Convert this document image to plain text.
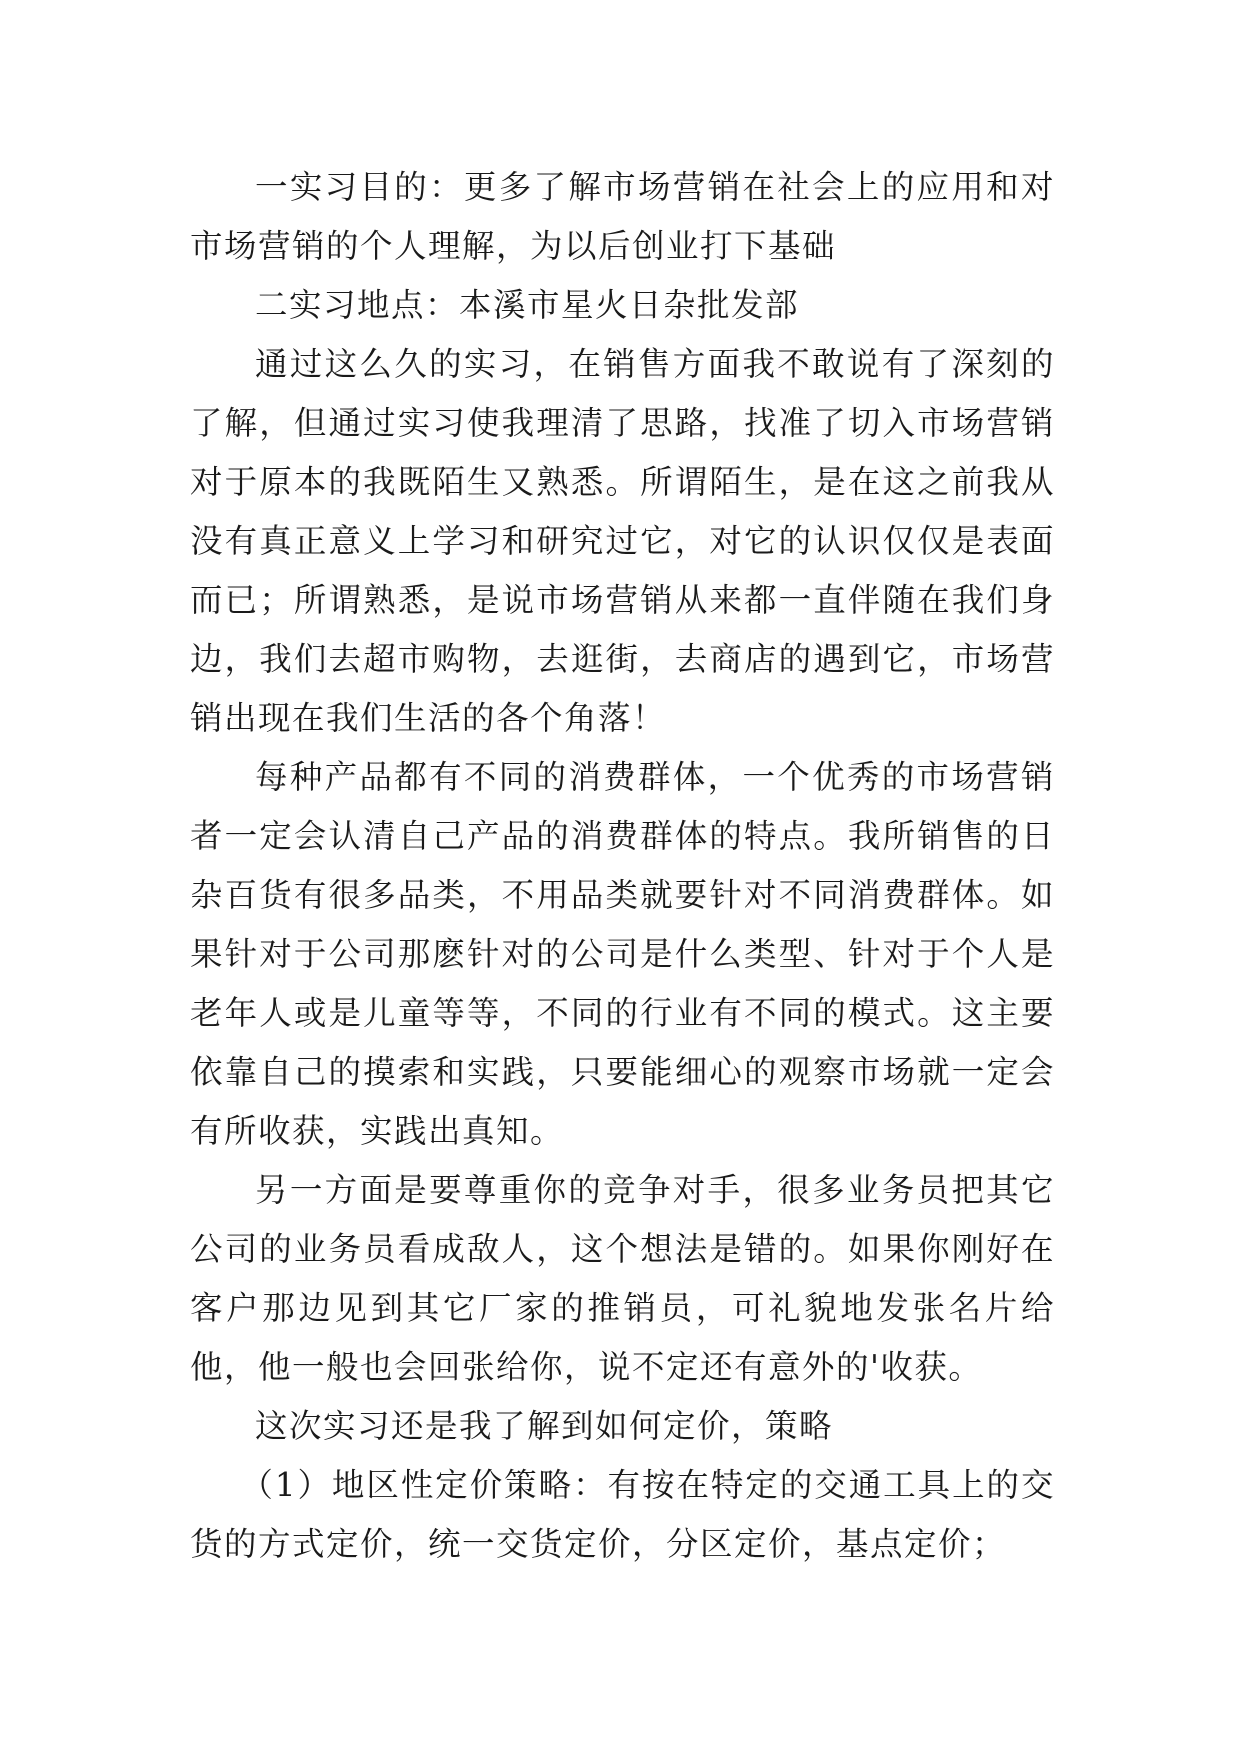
一实习目的：更多了解市场营销在社会上的应用和对市场营销的个人理解，为以后创业打下基础

二实习地点：本溪市星火日杂批发部

通过这么久的实习，在销售方面我不敢说有了深刻的了解，但通过实习使我理清了思路，找准了切入市场营销对于原本的我既陌生又熟悉。所谓陌生，是在这之前我从没有真正意义上学习和研究过它，对它的认识仅仅是表面而已；所谓熟悉，是说市场营销从来都一直伴随在我们身边，我们去超市购物，去逛街，去商店的遇到它，市场营销出现在我们生活的各个角落！

每种产品都有不同的消费群体，一个优秀的市场营销者一定会认清自己产品的消费群体的特点。我所销售的日杂百货有很多品类，不用品类就要针对不同消费群体。如果针对于公司那麽针对的公司是什么类型、针对于个人是老年人或是儿童等等，不同的行业有不同的模式。这主要依靠自己的摸索和实践，只要能细心的观察市场就一定会有所收获，实践出真知。

另一方面是要尊重你的竞争对手，很多业务员把其它公司的业务员看成敌人，这个想法是错的。如果你刚好在客户那边见到其它厂家的推销员，可礼貌地发张名片给他，他一般也会回张给你，说不定还有意外的'收获。

这次实习还是我了解到如何定价，策略

（1）地区性定价策略：有按在特定的交通工具上的交货的方式定价，统一交货定价，分区定价，基点定价；
